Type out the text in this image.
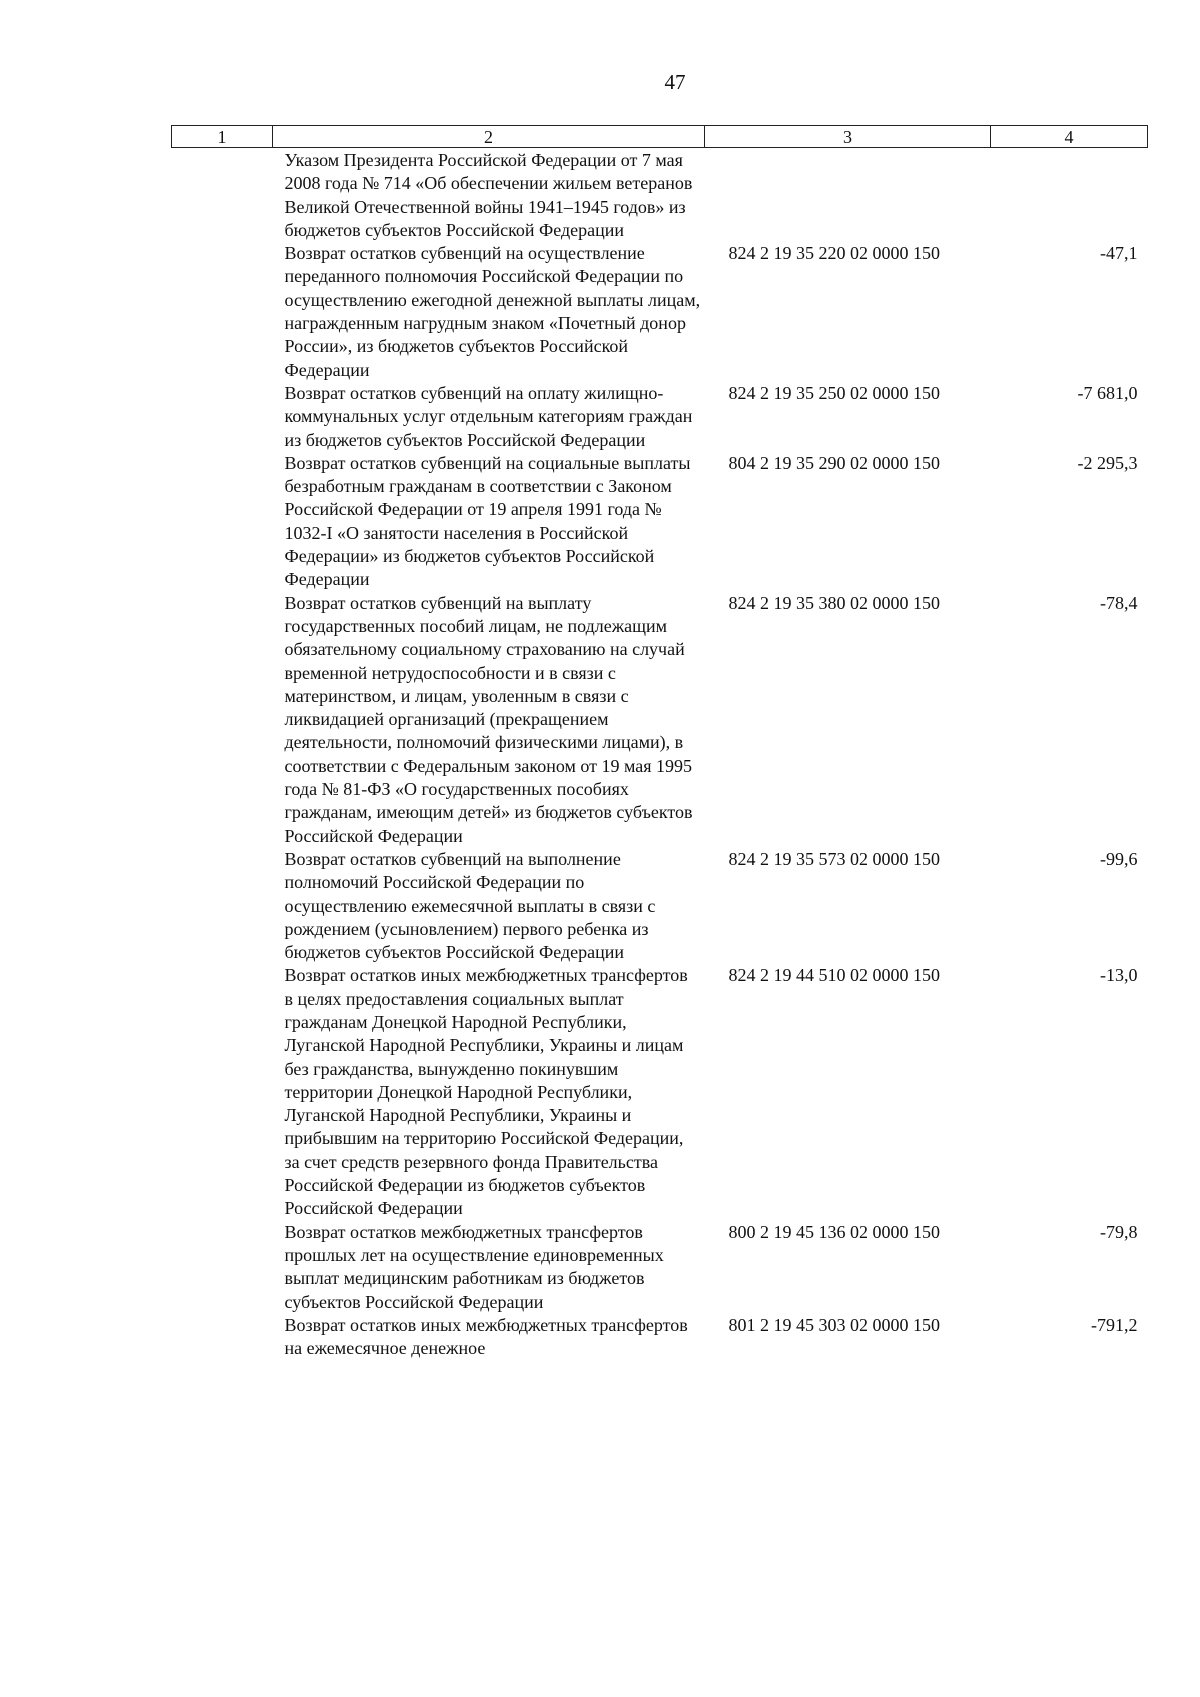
47
1	2	3	4
	Указом Президента Российской Федерации от 7 мая 2008 года № 714 «Об обеспечении жильем ветеранов Великой Отечественной войны 1941–1945 годов» из бюджетов субъектов Российской Федерации		
	Возврат остатков субвенций на осуществление переданного полномочия Российской Федерации по осуществлению ежегодной денежной выплаты лицам, награжденным нагрудным знаком «Почетный донор России», из бюджетов субъектов Российской Федерации	824 2 19 35 220 02 0000 150	-47,1
	Возврат остатков субвенций на оплату жилищно-коммунальных услуг отдельным категориям граждан из бюджетов субъектов Российской Федерации	824 2 19 35 250 02 0000 150	-7 681,0
	Возврат остатков субвенций на социальные выплаты безработным гражданам в соответствии с Законом Российской Федерации от 19 апреля 1991 года № 1032-I «О занятости населения в Российской Федерации» из бюджетов субъектов Российской Федерации	804 2 19 35 290 02 0000 150	-2 295,3
	Возврат остатков субвенций на выплату государственных пособий лицам, не подлежащим обязательному социальному страхованию на случай временной нетрудоспособности и в связи с материнством, и лицам, уволенным в связи с ликвидацией организаций (прекращением деятельности, полномочий физическими лицами), в соответствии с Федеральным законом от 19 мая 1995 года № 81-ФЗ «О государственных пособиях гражданам, имеющим детей» из бюджетов субъектов Российской Федерации	824 2 19 35 380 02 0000 150	-78,4
	Возврат остатков субвенций на выполнение полномочий Российской Федерации по осуществлению ежемесячной выплаты в связи с рождением (усыновлением) первого ребенка из бюджетов субъектов Российской Федерации	824 2 19 35 573 02 0000 150	-99,6
	Возврат остатков иных межбюджетных трансфертов в целях предоставления социальных выплат гражданам Донецкой Народной Республики, Луганской Народной Республики, Украины и лицам без гражданства, вынужденно покинувшим территории Донецкой Народной Республики, Луганской Народной Республики, Украины и прибывшим на территорию Российской Федерации, за счет средств резервного фонда Правительства Российской Федерации из бюджетов субъектов Российской Федерации	824 2 19 44 510 02 0000 150	-13,0
	Возврат остатков межбюджетных трансфертов прошлых лет на осуществление единовременных выплат медицинским работникам из бюджетов субъектов Российской Федерации	800 2 19 45 136 02 0000 150	-79,8
	Возврат остатков иных межбюджетных трансфертов на ежемесячное денежное	801 2 19 45 303 02 0000 150	-791,2
